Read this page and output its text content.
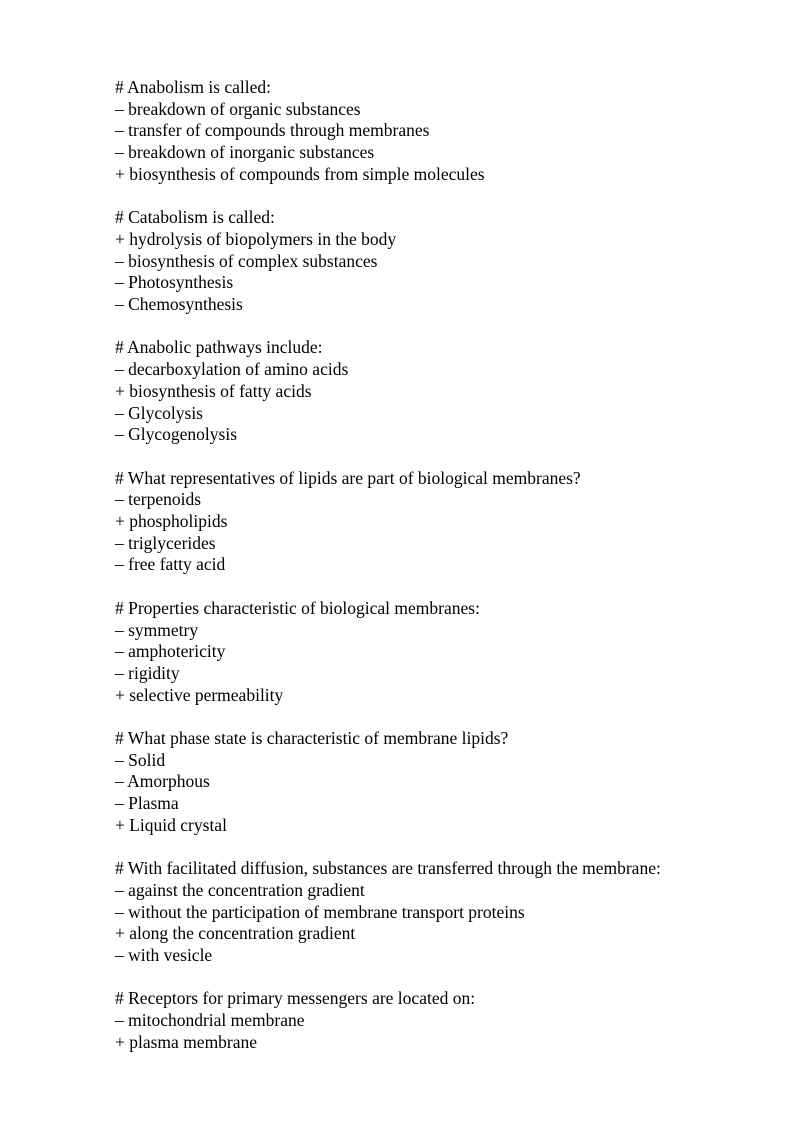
# Anabolism is called:
– breakdown of organic substances
– transfer of compounds through membranes
– breakdown of inorganic substances
+ biosynthesis of compounds from simple molecules
# Catabolism is called:
+ hydrolysis of biopolymers in the body
– biosynthesis of complex substances
– Photosynthesis
– Chemosynthesis
# Anabolic pathways include:
– decarboxylation of amino acids
+ biosynthesis of fatty acids
– Glycolysis
– Glycogenolysis
# What representatives of lipids are part of biological membranes?
– terpenoids
+ phospholipids
– triglycerides
– free fatty acid
# Properties characteristic of biological membranes:
– symmetry
– amphotericity
– rigidity
+ selective permeability
# What phase state is characteristic of membrane lipids?
– Solid
– Amorphous
– Plasma
+ Liquid crystal
# With facilitated diffusion, substances are transferred through the membrane:
– against the concentration gradient
– without the participation of membrane transport proteins
+ along the concentration gradient
– with vesicle
# Receptors for primary messengers are located on:
– mitochondrial membrane
+ plasma membrane
